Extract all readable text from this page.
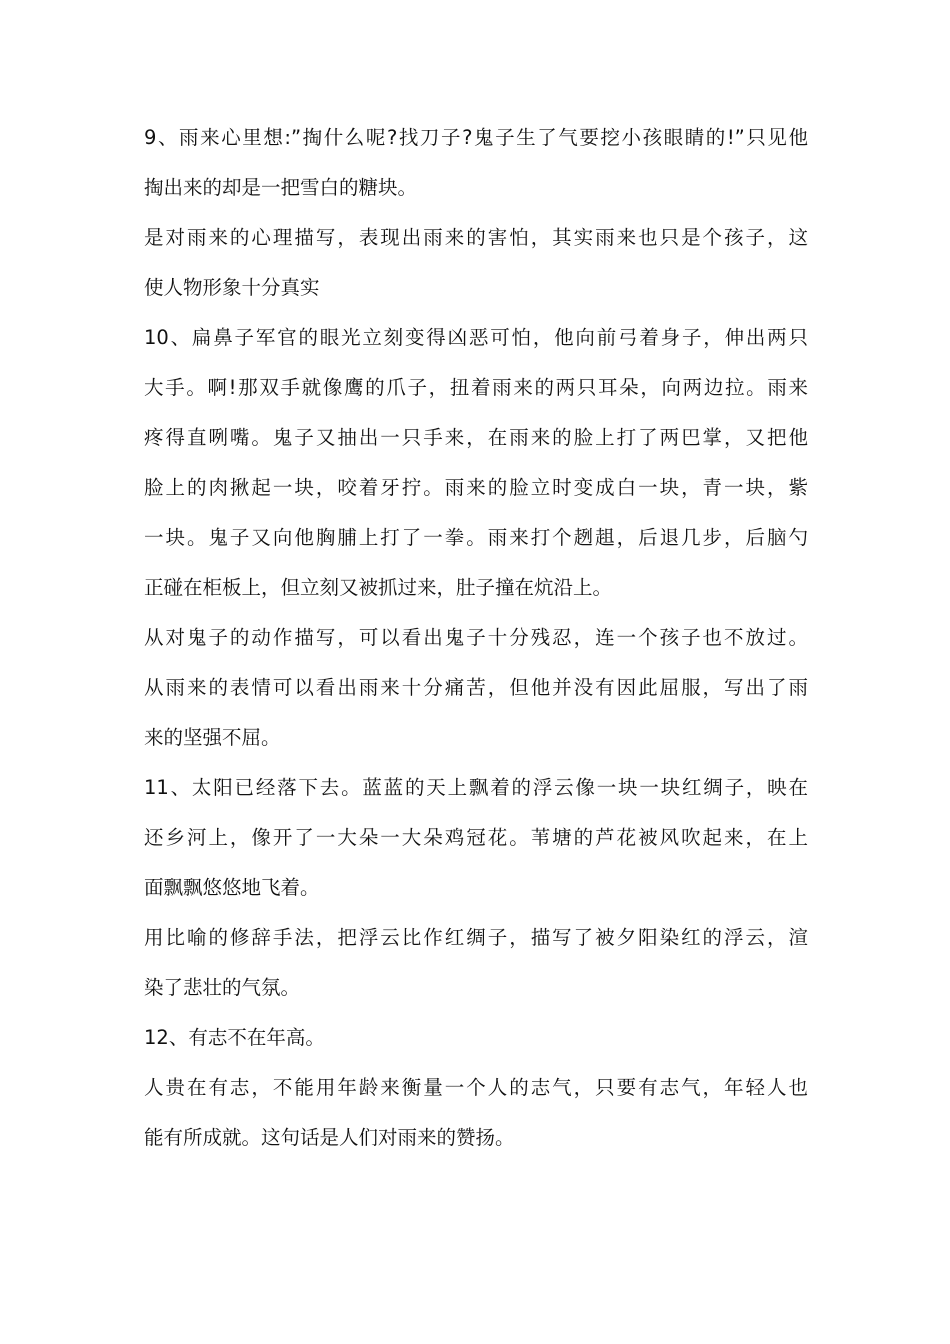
9、雨来心里想:”掏什么呢?找刀子?鬼子生了气要挖小孩眼睛的!”只见他
掏出来的却是一把雪白的糖块。
是对雨来的心理描写，表现出雨来的害怕，其实雨来也只是个孩子，这
使人物形象十分真实
10、扁鼻子军官的眼光立刻变得凶恶可怕，他向前弓着身子，伸出两只
大手。啊!那双手就像鹰的爪子，扭着雨来的两只耳朵，向两边拉。雨来
疼得直咧嘴。鬼子又抽出一只手来，在雨来的脸上打了两巴掌，又把他
脸上的肉揪起一块，咬着牙拧。雨来的脸立时变成白一块，青一块，紫
一块。鬼子又向他胸脯上打了一拳。雨来打个趔趄，后退几步，后脑勺
正碰在柜板上，但立刻又被抓过来，肚子撞在炕沿上。
从对鬼子的动作描写，可以看出鬼子十分残忍，连一个孩子也不放过。
从雨来的表情可以看出雨来十分痛苦，但他并没有因此屈服，写出了雨
来的坚强不屈。
11、太阳已经落下去。蓝蓝的天上飘着的浮云像一块一块红绸子，映在
还乡河上，像开了一大朵一大朵鸡冠花。苇塘的芦花被风吹起来，在上
面飘飘悠悠地飞着。
用比喻的修辞手法，把浮云比作红绸子，描写了被夕阳染红的浮云，渲
染了悲壮的气氛。
12、有志不在年高。
人贵在有志，不能用年龄来衡量一个人的志气，只要有志气，年轻人也
能有所成就。这句话是人们对雨来的赞扬。
